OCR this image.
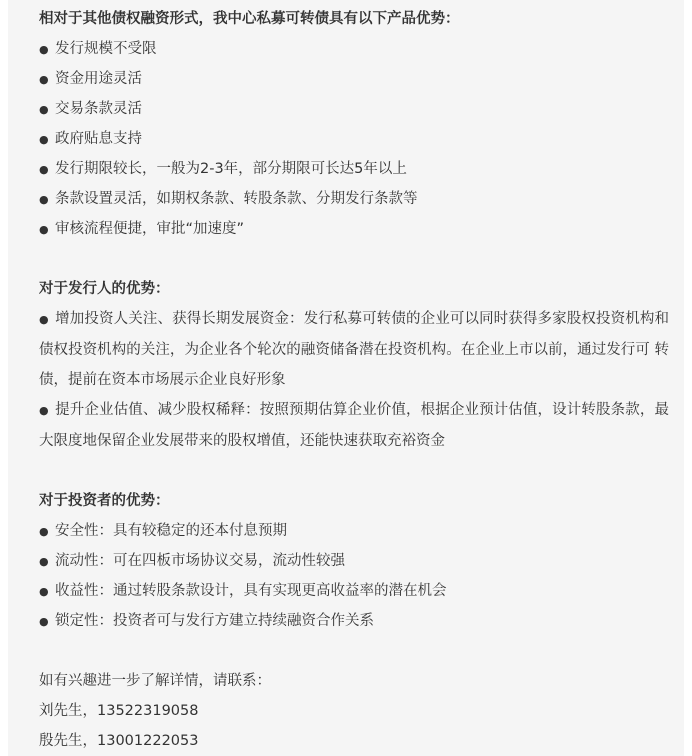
相对于其他债权融资形式，我中心私募可转债具有以下产品优势：

● 发行规模不受限

● 资金用途灵活

● 交易条款灵活

● 政府贴息支持

● 发行期限较长，一般为2-3年，部分期限可长达5年以上

● 条款设置灵活，如期权条款、转股条款、分期发行条款等

● 审核流程便捷，审批“加速度”

对于发行人的优势：

● 增加投资人关注、获得长期发展资金：发行私募可转债的企业可以同时获得多家股权投资机构和 债权投资机构的关注，为企业各个轮次的融资储备潜在投资机构。在企业上市以前，通过发行可 转债，提前在资本市场展示企业良好形象

● 提升企业估值、减少股权稀释：按照预期估算企业价值，根据企业预计估值，设计转股条款，最大限度地保留企业发展带来的股权增值，还能快速获取充裕资金

对于投资者的优势：

● 安全性：具有较稳定的还本付息预期

● 流动性：可在四板市场协议交易，流动性较强

● 收益性：通过转股条款设计，具有实现更高收益率的潜在机会

● 锁定性：投资者可与发行方建立持续融资合作关系

如有兴趣进一步了解详情，请联系：

刘先生，13522319058

殷先生，13001222053
